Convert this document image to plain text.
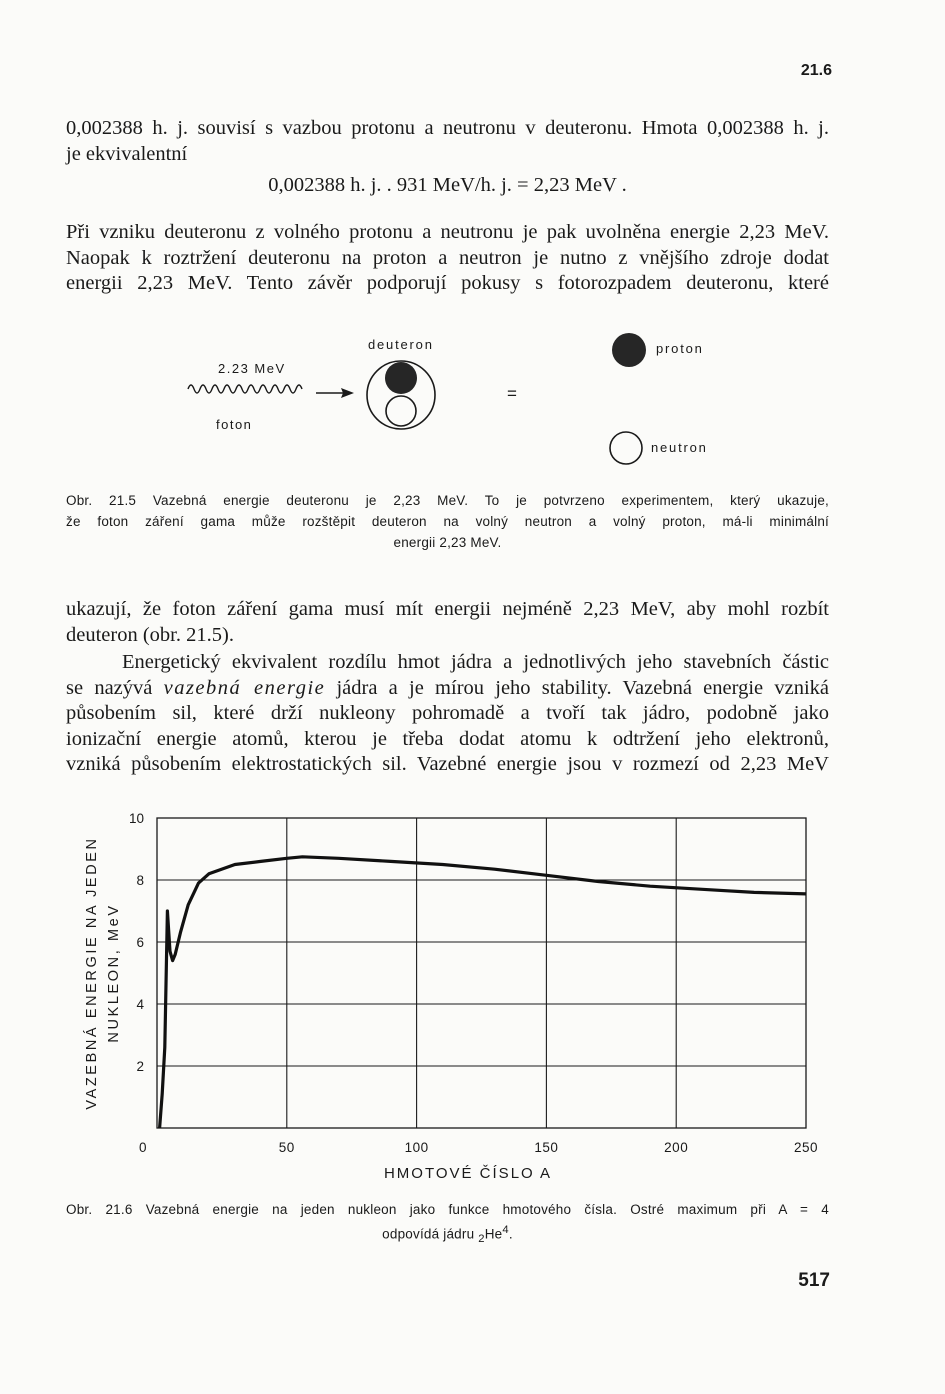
21.6
0,002388 h. j. souvisí s vazbou protonu a neutronu v deuteronu. Hmota 0,002388 h. j.
je ekvivalentní
0,002388 h. j. . 931 MeV/h. j. = 2,23 MeV .
Při vzniku deuteronu z volného protonu a neutronu je pak uvolněna energie 2,23 MeV.
Naopak k roztržení deuteronu na proton a neutron je nutno z vnějšího zdroje dodat
energii 2,23 MeV. Tento závěr podporují pokusy s fotorozpadem deuteronu, které
2.23 MeV
foton
deuteron
=
proton
neutron
Obr. 21.5 Vazebná energie deuteronu je 2,23 MeV. To je potvrzeno experimentem, který ukazuje,
že foton záření gama může rozštěpit deuteron na volný neutron a volný proton, má-li minimální
energii 2,23 MeV.
ukazují, že foton záření gama musí mít energii nejméně 2,23 MeV, aby mohl rozbít
deuteron (obr. 21.5).
Energetický ekvivalent rozdílu hmot jádra a jednotlivých jeho stavebních částic
se nazývá vazebná energie jádra a je mírou jeho stability. Vazebná energie vzniká
působením sil, které drží nukleony pohromadě a tvoří tak jádro, podobně jako
ionizační energie atomů, kterou je třeba dodat atomu k odtržení jeho elektronů,
vzniká působením elektrostatických sil. Vazebné energie jsou v rozmezí od 2,23 MeV
2
4
6
8
10
0	50	100	150	200	250
HMOTOVÉ ČÍSLO A
VAZEBNÁ ENERGIE NA JEDEN NUKLEON, MeV
Obr. 21.6 Vazebná energie na jeden nukleon jako funkce hmotového čísla. Ostré maximum při A = 4
odpovídá jádru $_2He^4$.
517
